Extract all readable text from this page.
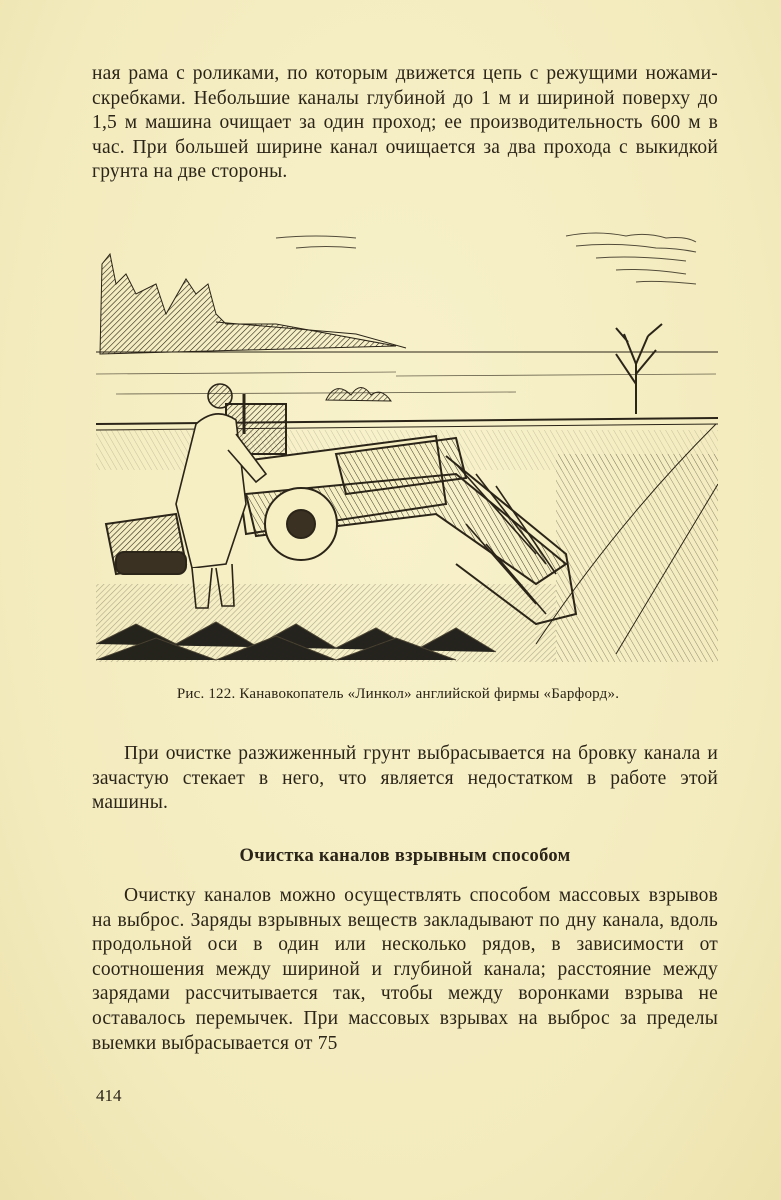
ная рама с роликами, по которым движется цепь с режущими ножами-скребками. Небольшие каналы глубиной до 1 м и шириной поверху до 1,5 м машина очищает за один проход; ее производительность 600 м в час. При большей ширине канал очищается за два прохода с выкидкой грунта на две стороны.
Рис. 122. Канавокопатель «Линкол» английской фирмы «Барфорд».
При очистке разжиженный грунт выбрасывается на бровку канала и зачастую стекает в него, что является недостатком в работе этой машины.
Очистка каналов взрывным способом
Очистку каналов можно осуществлять способом массовых взрывов на выброс. Заряды взрывных веществ закладывают по дну канала, вдоль продольной оси в один или несколько рядов, в зависимости от соотношения между шириной и глубиной канала; расстояние между зарядами рассчитывается так, чтобы между воронками взрыва не оставалось перемычек. При массовых взрывах на выброс за пределы выемки выбрасывается от 75
414
